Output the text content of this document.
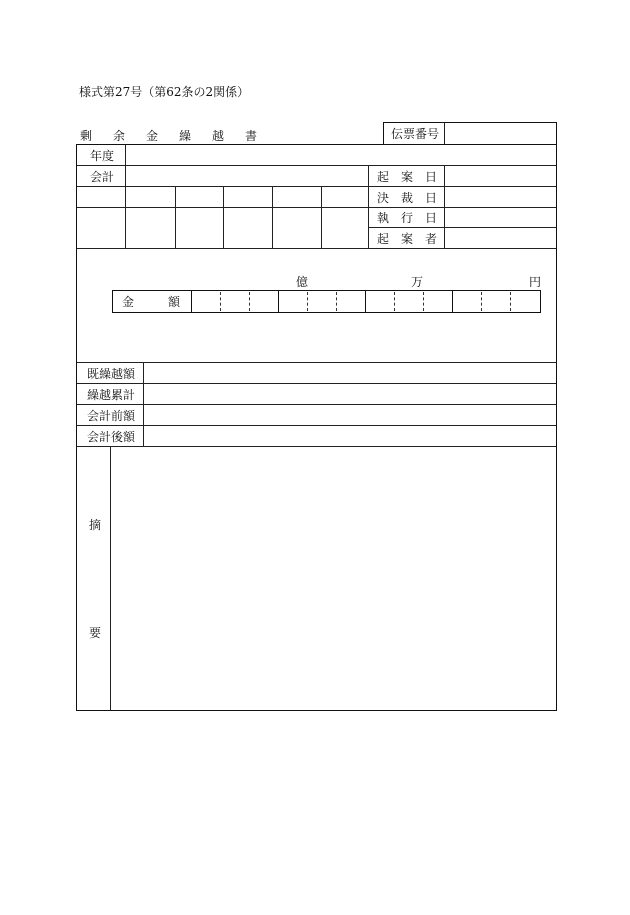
様式第27号（第62条の2関係）
剰余金繰越書	伝票番号
年度
会計	起 案 日
決 裁 日
執 行 日
起 案 者
億	万	円
金	額
既繰越額
繰越累計
会計前額
会計後額
摘
要
